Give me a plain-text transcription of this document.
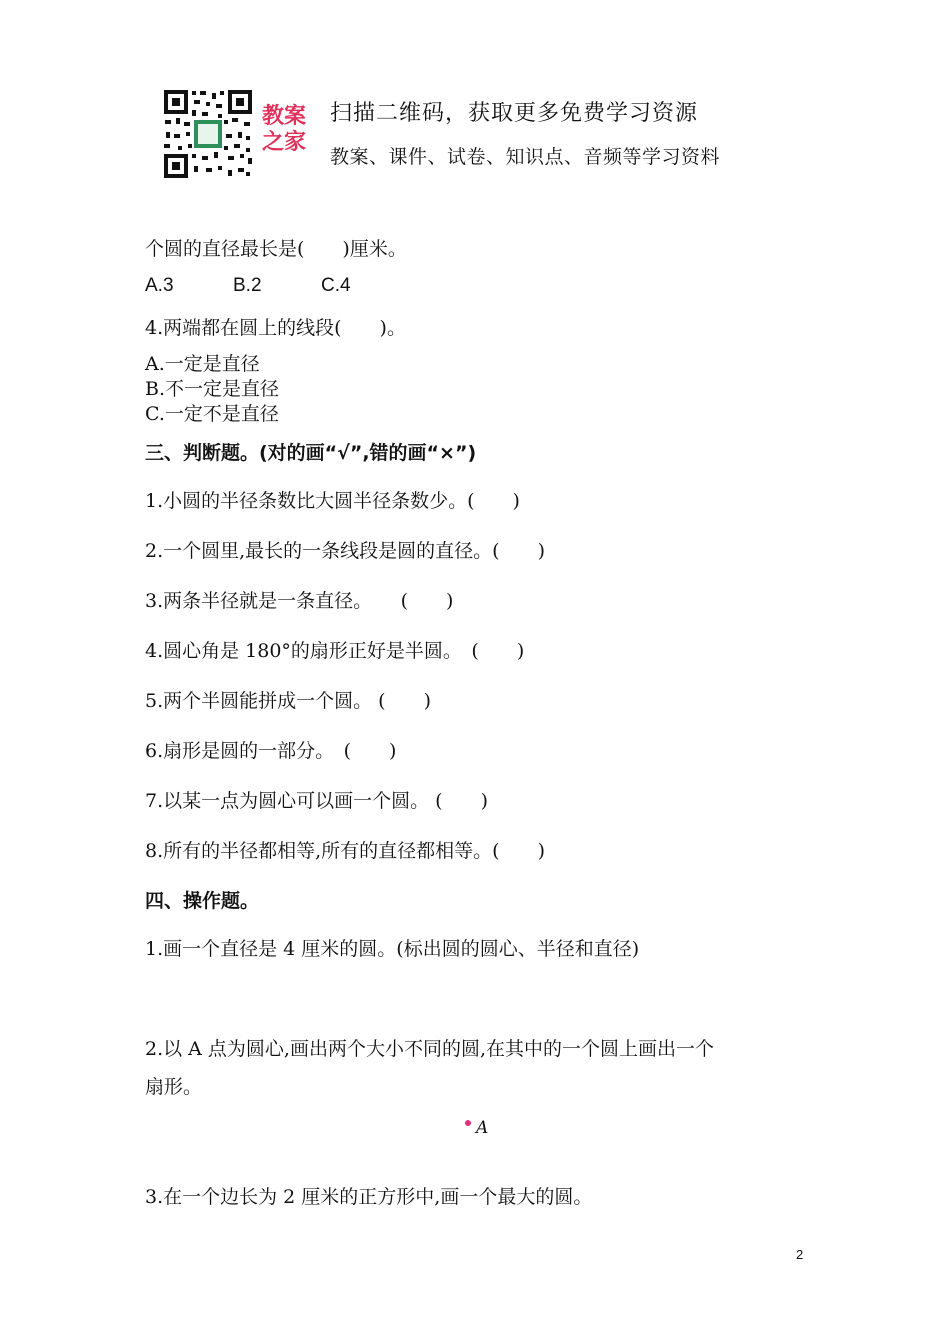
教案
之家
扫描二维码，获取更多免费学习资源
教案、课件、试卷、知识点、音频等学习资料
个圆的直径最长是(　　)厘米。
A.3	B.2	C.4
4.两端都在圆上的线段(　　)。
A.一定是直径
B.不一定是直径
C.一定不是直径
三、判断题。(对的画“√”,错的画“×”)
1.小圆的半径条数比大圆半径条数少。(　　)
2.一个圆里,最长的一条线段是圆的直径。(　　)
3.两条半径就是一条直径。　　(　　)
4.圆心角是 180°的扇形正好是半圆。　(　　)
5.两个半圆能拼成一个圆。 (　　)
6.扇形是圆的一部分。　(　　)
7.以某一点为圆心可以画一个圆。 (　　)
8.所有的半径都相等,所有的直径都相等。(　　)
四、操作题。
1.画一个直径是 4 厘米的圆。(标出圆的圆心、半径和直径)
2.以 A 点为圆心,画出两个大小不同的圆,在其中的一个圆上画出一个
扇形。
A
3.在一个边长为 2 厘米的正方形中,画一个最大的圆。
2
